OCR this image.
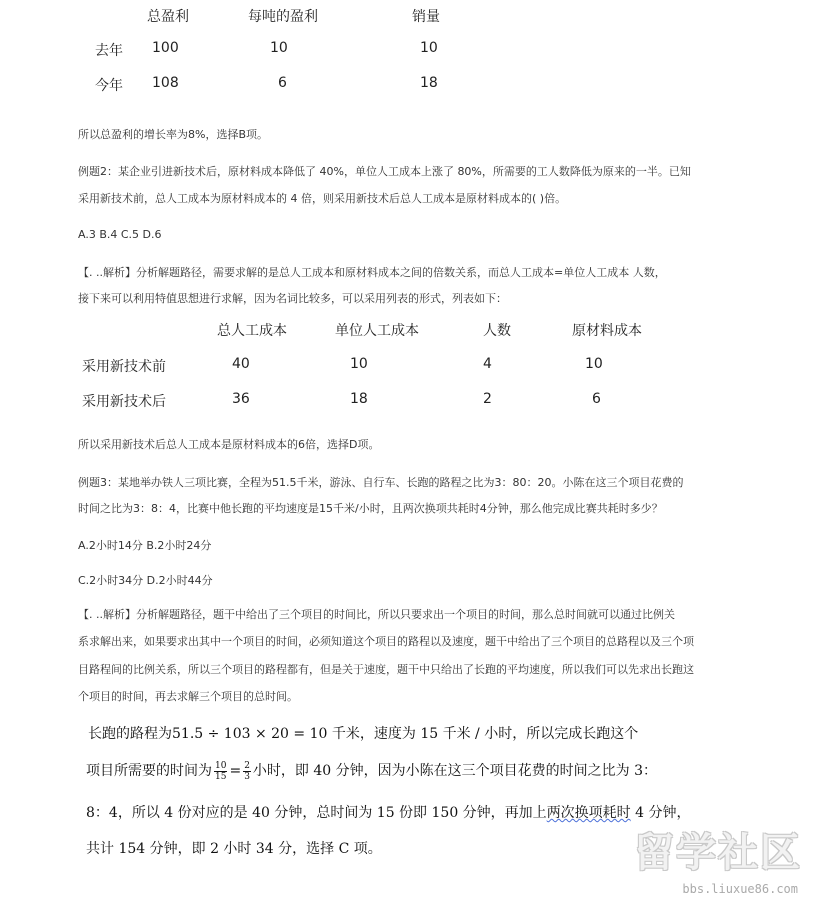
总盈利	每吨的盈利	销量
去年 100	10	10
今年 108	6	18
所以总盈利的增长率为8%，选择B项。
例题2：某企业引进新技术后，原材料成本降低了 40%，单位人工成本上涨了 80%，所需要的工人数降低为原来的一半。已知
采用新技术前，总人工成本为原材料成本的 4 倍，则采用新技术后总人工成本是原材料成本的( )倍。
A.3 B.4 C.5 D.6
【. ..解析】分析解题路径，需要求解的是总人工成本和原材料成本之间的倍数关系，而总人工成本=单位人工成本 人数，
接下来可以利用特值思想进行求解，因为名词比较多，可以采用列表的形式，列表如下：
总人工成本	单位人工成本	人数	原材料成本
采用新技术前	40	10	4	10
采用新技术后	36	18	2	6
所以采用新技术后总人工成本是原材料成本的6倍，选择D项。
例题3：某地举办铁人三项比赛，全程为51.5千米，游泳、自行车、长跑的路程之比为3：80：20。小陈在这三个项目花费的
时间之比为3：8：4，比赛中他长跑的平均速度是15千米/小时，且两次换项共耗时4分钟，那么他完成比赛共耗时多少？
A.2小时14分 B.2小时24分
C.2小时34分 D.2小时44分
【. ..解析】分析解题路径，题干中给出了三个项目的时间比，所以只要求出一个项目的时间，那么总时间就可以通过比例关
系求解出来，如果要求出其中一个项目的时间，必须知道这个项目的路程以及速度，题干中给出了三个项目的总路程以及三个项
目路程间的比例关系，所以三个项目的路程都有，但是关于速度，题干中只给出了长跑的平均速度，所以我们可以先求出长跑这
个项目的时间，再去求解三个项目的总时间。
长跑的路程为51.5 ÷ 103 × 20 = 10 千米，速度为 15 千米 / 小时，所以完成长跑这个
项目所需要的时间为 $\frac{10}{15} = \frac{2}{3}$ 小时，即 40 分钟，因为小陈在这三个项目花费的时间之比为 3：
8：4，所以 4 份对应的是 40 分钟，总时间为 15 份即 150 分钟，再加上两次换项耗时 4 分钟，
共计 154 分钟，即 2 小时 34 分，选择 C 项。	留学社区
bbs.liuxue86.com
